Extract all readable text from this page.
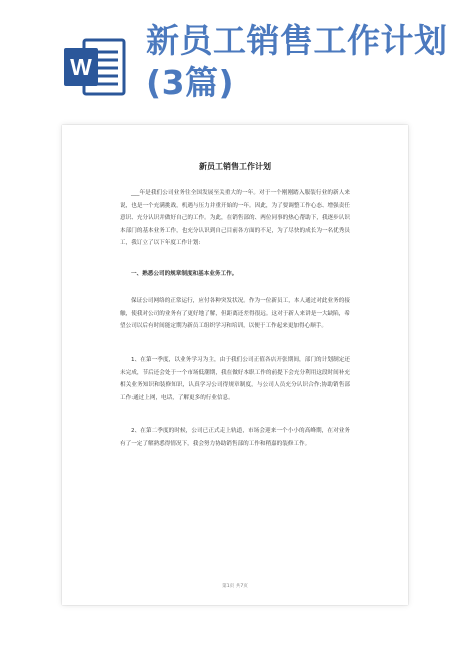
W
新员工销售工作计划(3篇)
新员工销售工作计划
___年是我们公司业务往全国发展至关重大的一年。对于一个刚刚踏入服装行业的新人来说，也是一个充满挑战，机遇与压力并重开始的一年。因此，为了要调整工作心态、增强责任意识、充分认识并做好自己的工作。为此，在销售部的、两位同事的热心帮助下，我逐步认识本部门的基本业务工作，也充分认识到自己目前各方面的不足，为了尽快的成长为一名优秀员工，我订立了以下年度工作计划:
一、熟悉公司的规章制度和基本业务工作。
保证公司网络的正常运行，应付各种突发状况。作为一位新员工，本人通过对此业务的接触，使我对公司的业务有了更好地了解，但距离还差得很远。这对于新人来讲是一大缺陷，希望公司以后有时间能定期为新员工组织学习和培训，以便于工作起来更加得心顺手。
1、在第一季度，以业务学习为主，由于我们公司正值各店开张期间，部门的计划制定还未完成，节后还会处于一个市场低潮期，我在做好本职工作的前提下会充分利用这段时间补充相关业务知识和装修知识，认真学习公司得规章制度，与公司人员充分认识合作;协助销售部工作:通过上网，电话，了解更多的行业信息。
2、在第二季度的时候，公司已正式走上轨道，市场会迎来一个小小的高峰期，在对业务有了一定了解熟悉得情况下，我会努力协助销售部的工作和稍嘉的装修工作。
第1页 共7页
